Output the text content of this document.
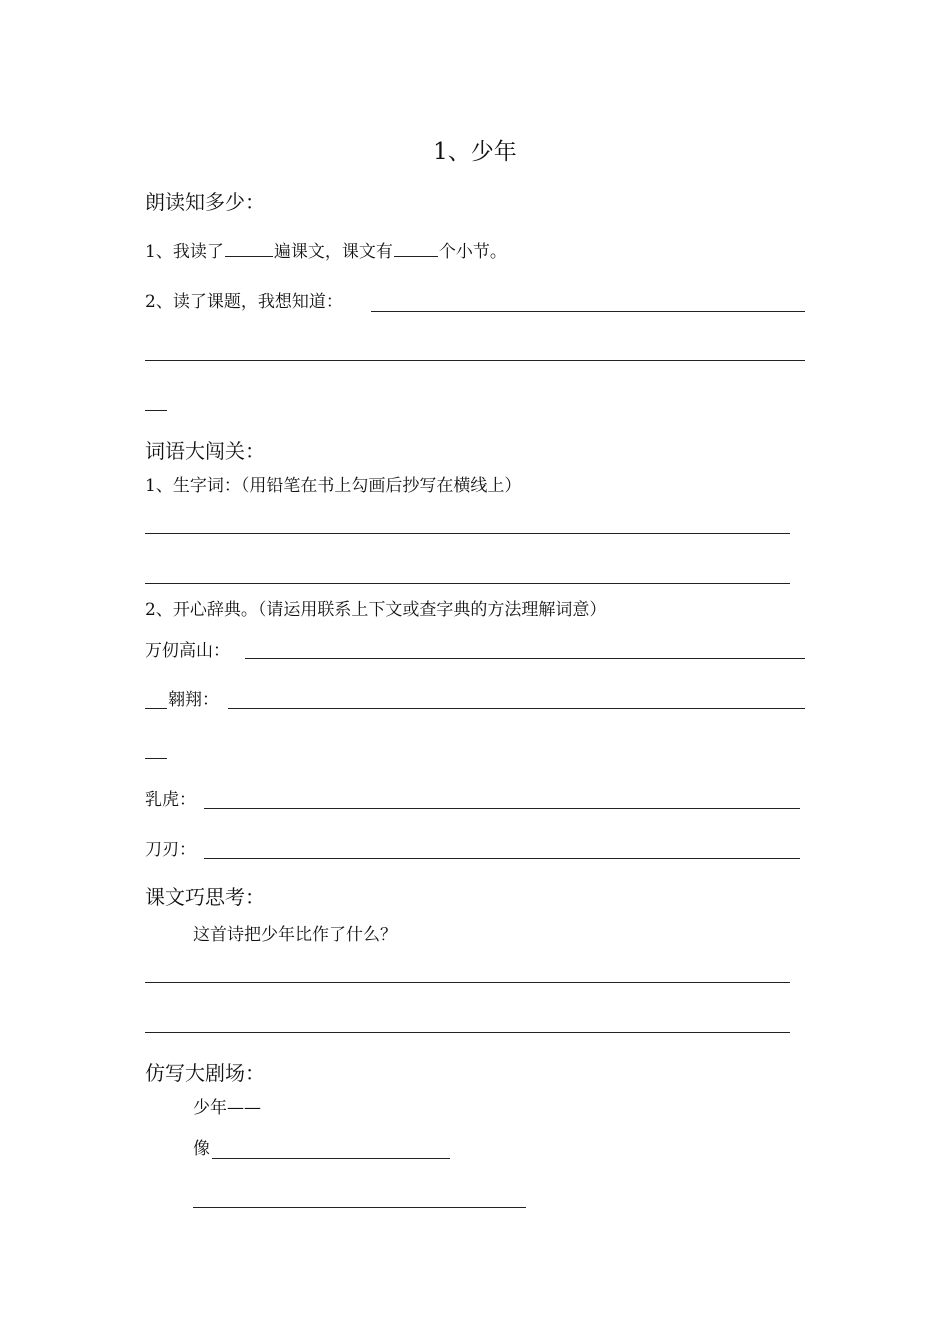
1、少年
朗读知多少：
1、我读了	遍课文，课文有	个小节。
2、读了课题，我想知道：
词语大闯关：
1、生字词：（用铅笔在书上勾画后抄写在横线上）
2、开心辞典。（请运用联系上下文或查字典的方法理解词意）
万仞高山：
翱翔：
乳虎：
刀刃：
课文巧思考：
这首诗把少年比作了什么？
仿写大剧场：
少年——
像
